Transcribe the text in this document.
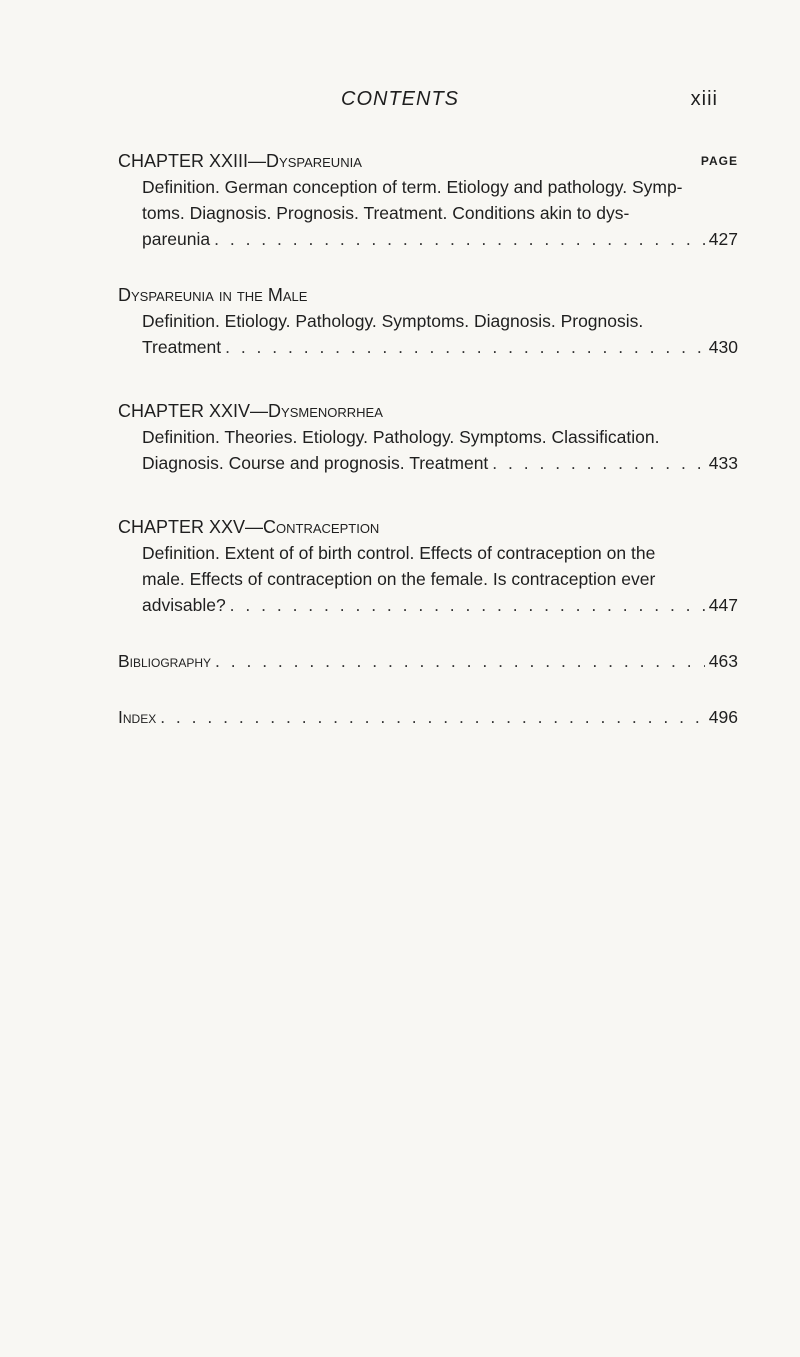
CONTENTS	xiii
CHAPTER XXIII—Dyspareunia	PAGE
Definition. German conception of term. Etiology and pathology. Symp-
toms. Diagnosis. Prognosis. Treatment. Conditions akin to dys-
pareunia . . .	427
Dyspareunia in the Male
Definition. Etiology. Pathology. Symptoms. Diagnosis. Prognosis.
Treatment . . .	430
CHAPTER XXIV—Dysmenorrhea
Definition. Theories. Etiology. Pathology. Symptoms. Classification.
Diagnosis. Course and prognosis. Treatment . . .	433
CHAPTER XXV—Contraception
Definition. Extent of of birth control. Effects of contraception on the
male. Effects of contraception on the female. Is contraception ever
advisable? . . .	447
Bibliography . . .	463
Index . . .	496
